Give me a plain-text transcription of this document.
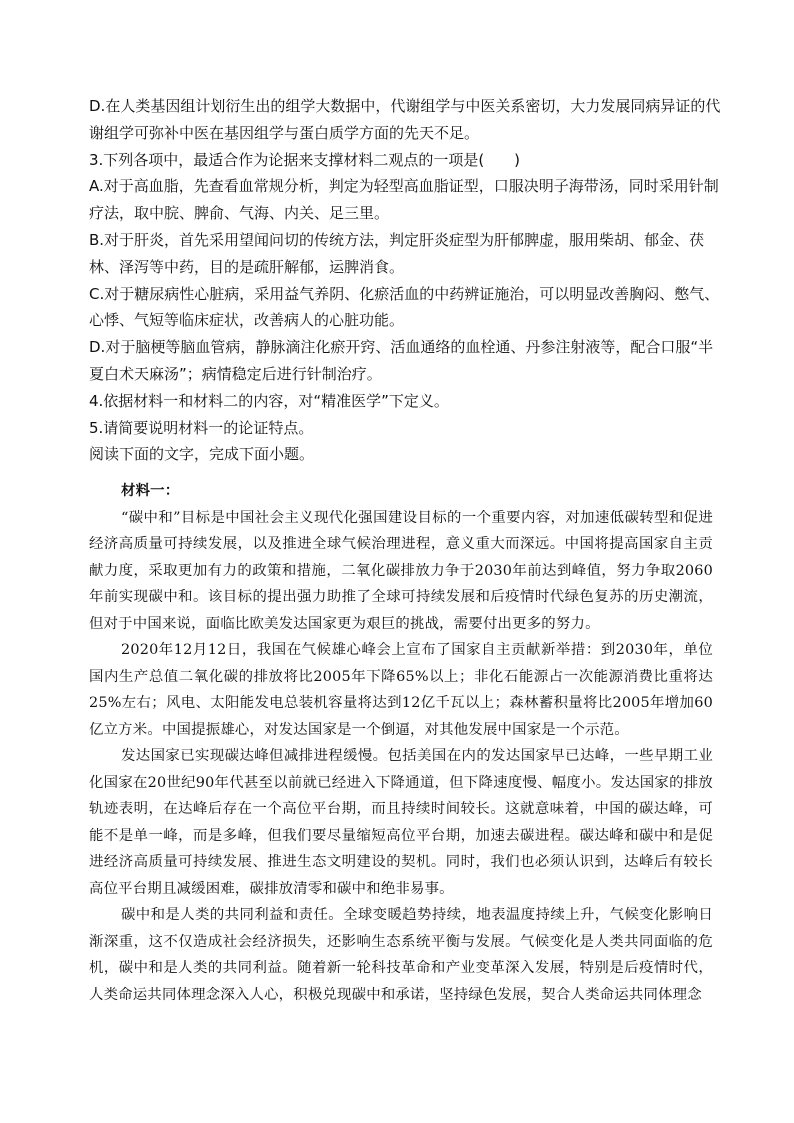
D.在人类基因组计划衍生出的组学大数据中，代谢组学与中医关系密切，大力发展同病异证的代

谢组学可弥补中医在基因组学与蛋白质学方面的先天不足。

3.下列各项中，最适合作为论据来支撑材料二观点的一项是(　　)

A.对于高血脂，先查看血常规分析，判定为轻型高血脂证型，口服决明子海带汤，同时采用针制

疗法，取中脘、脾俞、气海、内关、足三里。

B.对于肝炎，首先采用望闻问切的传统方法，判定肝炎症型为肝郁脾虚，服用柴胡、郁金、茯

林、泽泻等中药，目的是疏肝解郁，运脾消食。

C.对于糖尿病性心脏病，采用益气养阴、化瘀活血的中药辨证施治，可以明显改善胸闷、憋气、

心悸、气短等临床症状，改善病人的心脏功能。

D.对于脑梗等脑血管病，静脉滴注化瘀开窍、活血通络的血栓通、丹参注射液等，配合口服“半

夏白术天麻汤”；病情稳定后进行针制治疗。

4.依据材料一和材料二的内容，对“精准医学”下定义。

5.请简要说明材料一的论证特点。

阅读下面的文字，完成下面小题。

材料一：

“碳中和”目标是中国社会主义现代化强国建设目标的一个重要内容，对加速低碳转型和促进经济高质量可持续发展，以及推进全球气候治理进程，意义重大而深远。中国将提高国家自主贡献力度，采取更加有力的政策和措施，二氧化碳排放力争于2030年前达到峰值，努力争取2060年前实现碳中和。该目标的提出强力助推了全球可持续发展和后疫情时代绿色复苏的历史潮流，但对于中国来说，面临比欧美发达国家更为艰巨的挑战，需要付出更多的努力。

2020年12月12日，我国在气候雄心峰会上宣布了国家自主贡献新举措：到2030年，单位国内生产总值二氧化碳的排放将比2005年下降65%以上；非化石能源占一次能源消费比重将达25%左右；风电、太阳能发电总装机容量将达到12亿千瓦以上；森林蓄积量将比2005年增加60亿立方米。中国提振雄心，对发达国家是一个倒逼，对其他发展中国家是一个示范。

发达国家已实现碳达峰但减排进程缓慢。包括美国在内的发达国家早已达峰，一些早期工业化国家在20世纪90年代甚至以前就已经进入下降通道，但下降速度慢、幅度小。发达国家的排放轨迹表明，在达峰后存在一个高位平台期，而且持续时间较长。这就意味着，中国的碳达峰，可能不是单一峰，而是多峰，但我们要尽量缩短高位平台期，加速去碳进程。碳达峰和碳中和是促进经济高质量可持续发展、推进生态文明建设的契机。同时，我们也必须认识到，达峰后有较长高位平台期且减缓困难，碳排放清零和碳中和绝非易事。

碳中和是人类的共同利益和责任。全球变暖趋势持续，地表温度持续上升，气候变化影响日渐深重，这不仅造成社会经济损失，还影响生态系统平衡与发展。气候变化是人类共同面临的危机，碳中和是人类的共同利益。随着新一轮科技革命和产业变革深入发展，特别是后疫情时代，人类命运共同体理念深入人心，积极兑现碳中和承诺，坚持绿色发展，契合人类命运共同体理念
